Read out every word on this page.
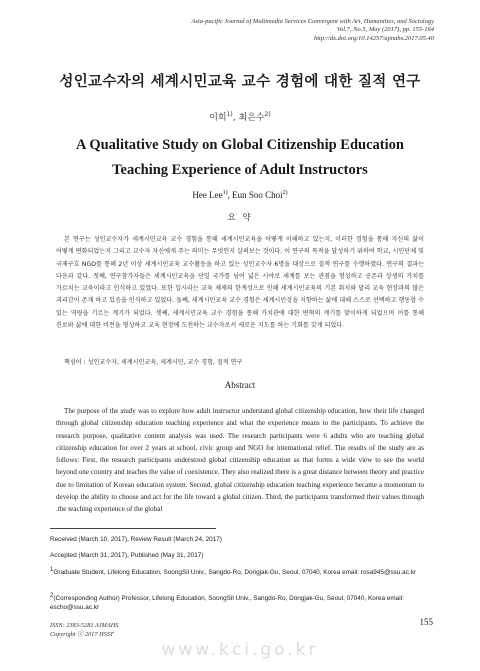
Asia-pacific Journal of Multimedia Services Convergent with Art, Humanities, and Sociology
Vol.7, No.5, May (2017), pp. 155-164
http://dx.doi.org/10.14257/ajmahs.2017.05.40
성인교수자의 세계시민교육 교수 경험에 대한 질적 연구
이희$^{1)}$, 최은수$^{2)}$
A Qualitative Study on Global Citizenship Education
Teaching Experience of Adult Instructors
Hee Lee$^{1)}$, Eun Soo Choi$^{2)}$
요 약
본 연구는 성인교수자가 세계시민교육 교수 경험을 통해 세계시민교육을 어떻게 이해하고 있는지, 이러한 경험을 통해 자신의 삶이 어떻게 변화되었는지 그리고 교수자 자신에게 주는 의미는 무엇인지 살펴보는 것이다. 이 연구의 목적을 달성하기 위하여 학교, 시민단체 및 국제구호 NGO를 통해 2년 이상 세계시민교육 교수활동을 하고 있는 성인교수자 6명을 대상으로 질적 연구를 수행하였다. 연구의 결과는 다음과 같다. 첫째, 연구참가자들은 세계시민교육을 단일 국가를 넘어 넓은 시야로 세계를 보는 관점을 형성하고 공존과 상생의 가치를 가르치는 교육이라고 인식하고 있었다. 또한 입시라는 교육 체제의 한계성으로 인해 세계시민교육의 기본 취지와 달리 교육 현장과의 많은 괴리감이 존재 하고 있음을 인식하고 있었다. 둘째, 세계시민교육 교수 경험은 세계시민성을 지향하는 삶에 대해 스스로 선택하고 행동할 수 있는 역량을 기르는 계기가 되었다. 셋째, 세계시민교육 교수 경험을 통해 가치관에 대한 변혁의 계기를 맞이하게 되었으며 이를 통해 진로와 삶에 대한 비전을 형성하고 교육 현장에 도전하는 교수자로서 새로운 지도를 하는 기회를 갖게 되었다.
핵심어 : 성인교수자, 세계시민교육, 세계시민, 교수 경험, 질적 연구
Abstract
The purpose of the study was to explore how adult instructor understand global citizenship education, how their life changed through global citizenship education teaching experience and what the experience means to the participants. To achieve the research purpose, qualitative content analysis was used. The research participants were 6 adults who are teaching global citizenship education for over 2 years at school, civic group and NGO for international relief. The results of the study are as follows: First, the research participants understood global citizenship education as that forms a wide view to see the world beyond one country and teaches the value of coexistence. They also realized there is a great distance between theory and practice due to limitation of Korean education system. Second, global citizenship education teaching experience became a momentum to develop the ability to choose and act for the life toward a global citizen. Third, the participants transformed their values through .the teaching experience of the global
Received (March 10, 2017), Review Result (March 24, 2017)
Accepted (March 31, 2017), Published (May 31, 2017)
$^1$Graduate Student, Lifelong Education, SoongSil Univ., Sangdo-Ro, Dongjak-Gu, Seoul, 07040, Korea email: rosa945@ssu.ac.kr
$^2$(Corresponding Author) Professor, Lifelong Education, SoongSil Univ., Sangdo-Ro, Dongjak-Gu, Seoul, 07040, Korea email: escho@ssu.ac.kr
ISSN: 2383-5281 AJMAHS
Copyright ⓒ 2017 HSST
155
www.kci.go.kr
